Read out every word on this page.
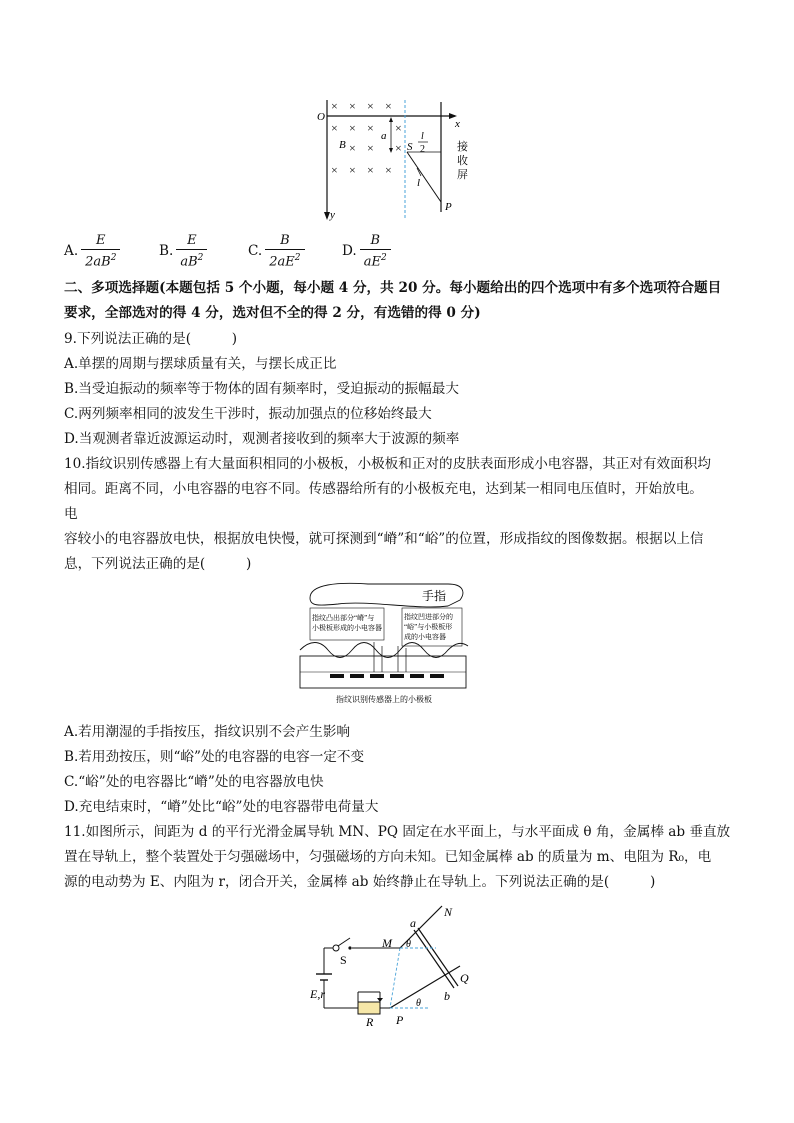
O
x
y
a
B	S
l
2
l
P
接
收
屏
× × × ×
× × × ×
× × ×
× × × ×
A. $\frac{E}{2aB^2}$	B. $\frac{E}{aB^2}$	C. $\frac{B}{2aE^2}$	D. $\frac{B}{aE^2}$
二、多项选择题(本题包括 5 个小题，每小题 4 分，共 20 分。每小题给出的四个选项中有多个选项符合题目
要求，全部选对的得 4 分，选对但不全的得 2 分，有选错的得 0 分)
9.下列说法正确的是(　　　)
A.单摆的周期与摆球质量有关，与摆长成正比
B.当受迫振动的频率等于物体的固有频率时，受迫振动的振幅最大
C.两列频率相同的波发生干涉时，振动加强点的位移始终最大
D.当观测者靠近波源运动时，观测者接收到的频率大于波源的频率
10.指纹识别传感器上有大量面积相同的小极板，小极板和正对的皮肤表面形成小电容器，其正对有效面积均
相同。距离不同，小电容器的电容不同。传感器给所有的小极板充电，达到某一相同电压值时，开始放电。
电
容较小的电容器放电快，根据放电快慢，就可探测到“嵴”和“峪”的位置，形成指纹的图像数据。根据以上信
息，下列说法正确的是(　　　)
手指
指纹凸出部分“嵴”与
小极板形成的小电容器
指纹凹进部分的
“峪”与小极板形
成的小电容器
指纹识别传感器上的小极板
A.若用潮湿的手指按压，指纹识别不会产生影响
B.若用劲按压，则“峪”处的电容器的电容一定不变
C.“峪”处的电容器比“嵴”处的电容器放电快
D.充电结束时，“嵴”处比“峪”处的电容器带电荷量大
11.如图所示，间距为 d 的平行光滑金属导轨 MN、PQ 固定在水平面上，与水平面成 θ 角，金属棒 ab 垂直放
置在导轨上，整个装置处于匀强磁场中，匀强磁场的方向未知。已知金属棒 ab 的质量为 m、电阻为 R₀，电
源的电动势为 E、内阻为 r，闭合开关，金属棒 ab 始终静止在导轨上。下列说法正确的是(　　　)
a
N
M θ
S
E,r
Q
b
θ
R P
